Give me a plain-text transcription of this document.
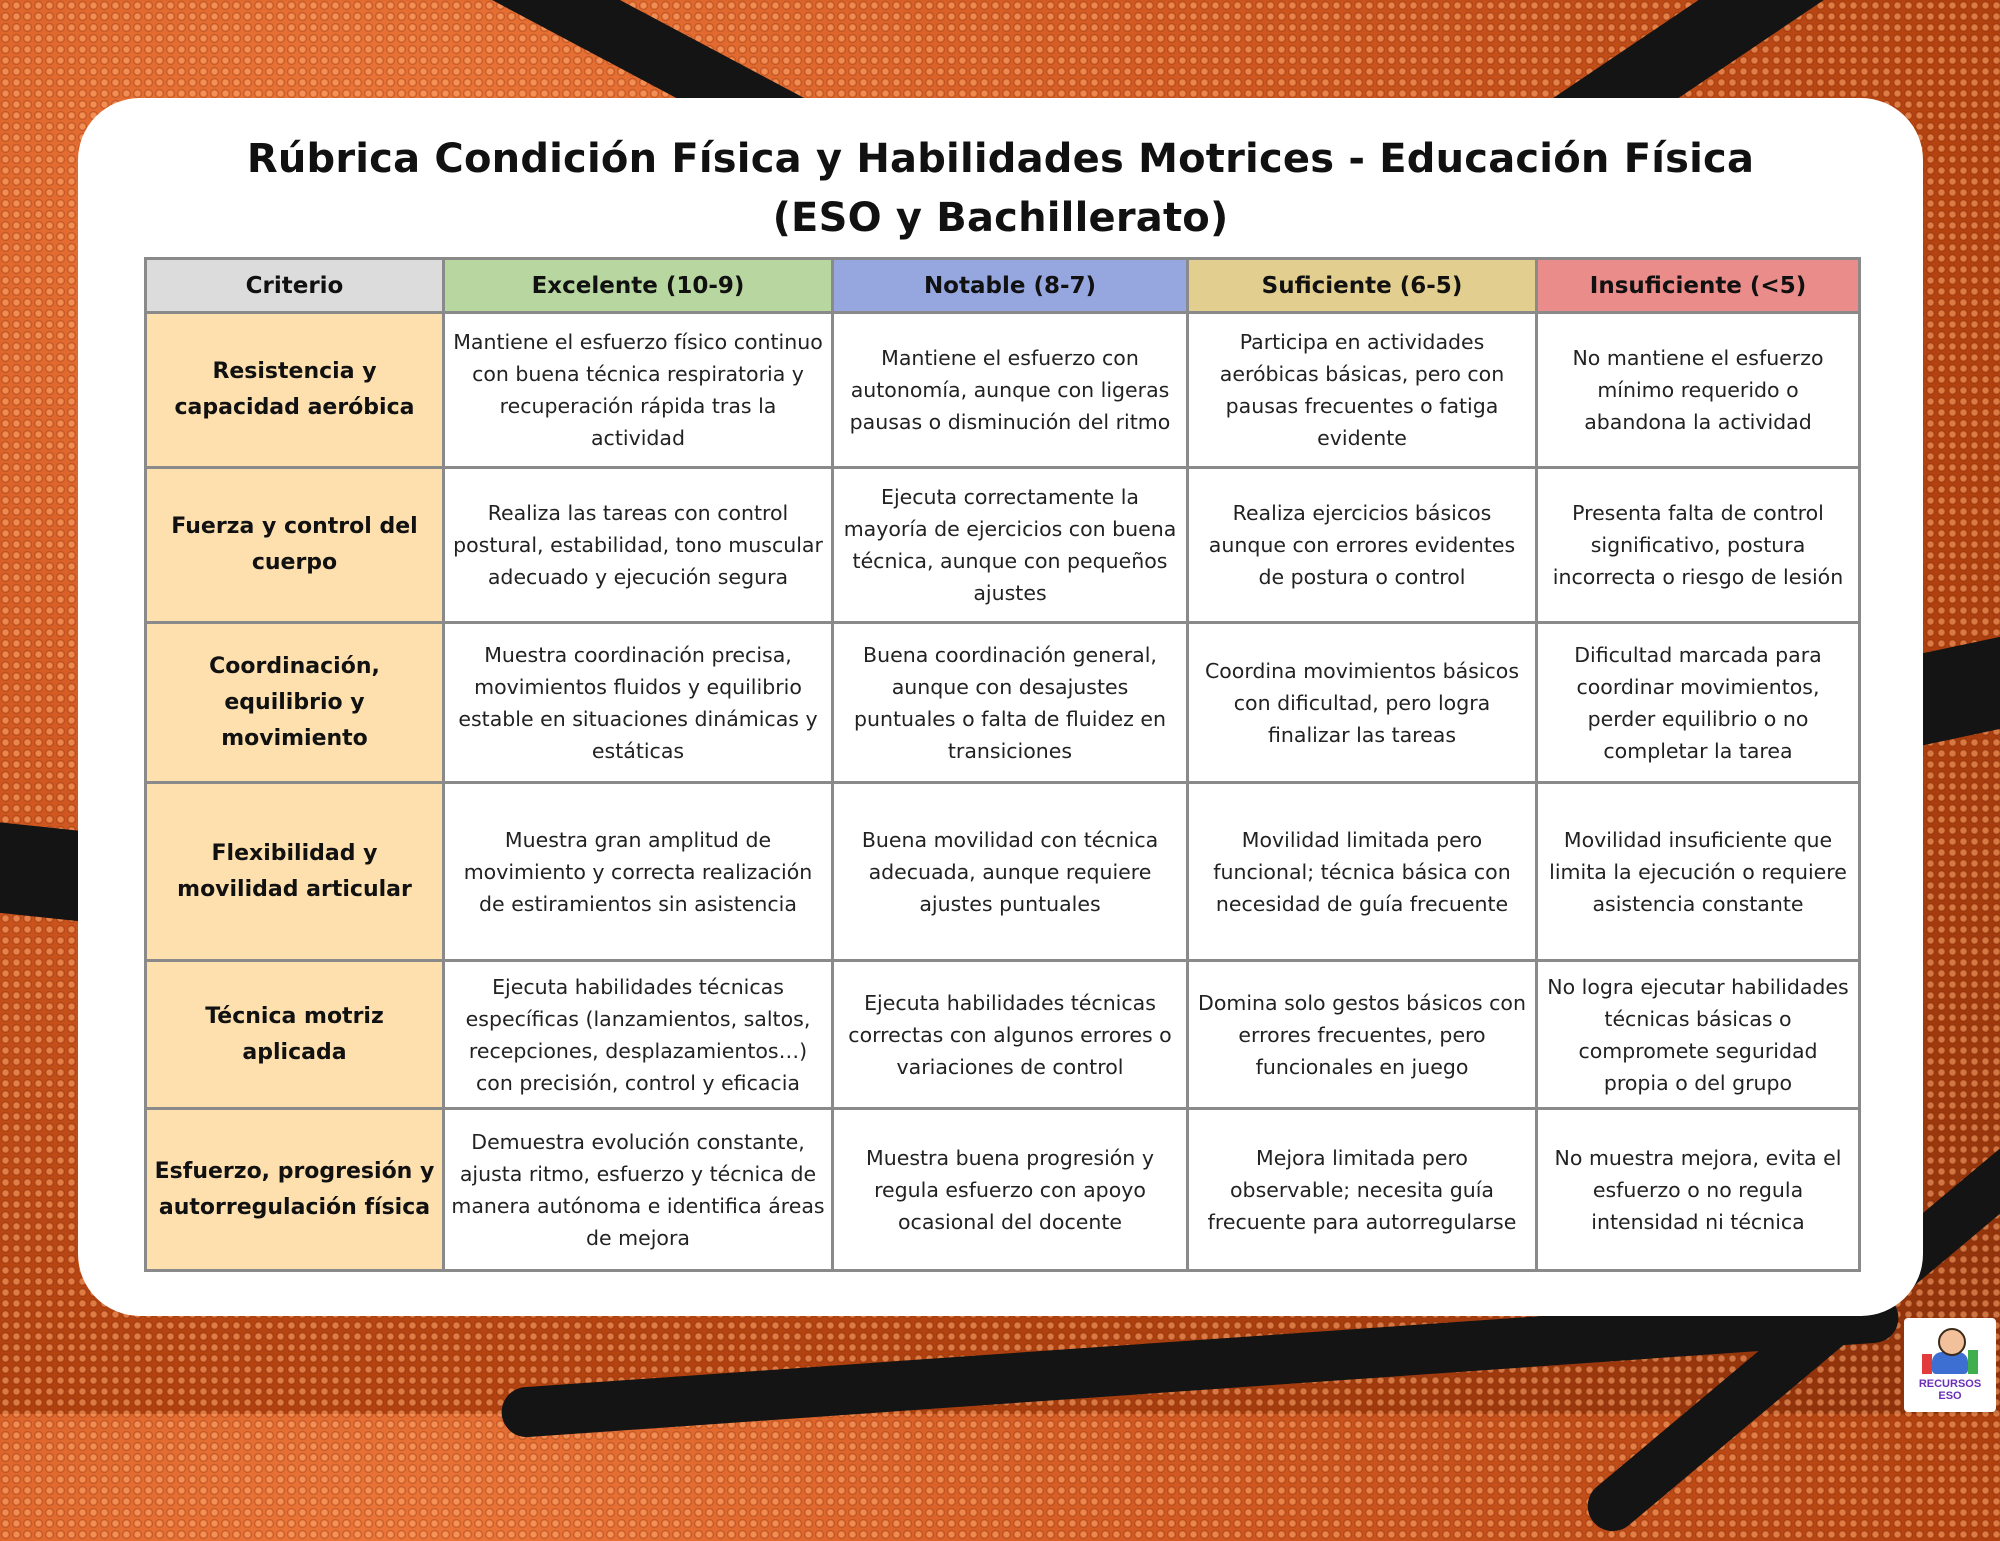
Rúbrica Condición Física y Habilidades Motrices - Educación Física
(ESO y Bachillerato)
Criterio	Excelente (10-9)	Notable (8-7)	Suficiente (6-5)	Insuficiente (<5)
Resistencia y capacidad aeróbica	Mantiene el esfuerzo físico continuo con buena técnica respiratoria y recuperación rápida tras la actividad	Mantiene el esfuerzo con autonomía, aunque con ligeras pausas o disminución del ritmo	Participa en actividades aeróbicas básicas, pero con pausas frecuentes o fatiga evidente	No mantiene el esfuerzo mínimo requerido o abandona la actividad
Fuerza y control del cuerpo	Realiza las tareas con control postural, estabilidad, tono muscular adecuado y ejecución segura	Ejecuta correctamente la mayoría de ejercicios con buena técnica, aunque con pequeños ajustes	Realiza ejercicios básicos aunque con errores evidentes de postura o control	Presenta falta de control significativo, postura incorrecta o riesgo de lesión
Coordinación, equilibrio y movimiento	Muestra coordinación precisa, movimientos fluidos y equilibrio estable en situaciones dinámicas y estáticas	Buena coordinación general, aunque con desajustes puntuales o falta de fluidez en transiciones	Coordina movimientos básicos con dificultad, pero logra finalizar las tareas	Dificultad marcada para coordinar movimientos, perder equilibrio o no completar la tarea
Flexibilidad y movilidad articular	Muestra gran amplitud de movimiento y correcta realización de estiramientos sin asistencia	Buena movilidad con técnica adecuada, aunque requiere ajustes puntuales	Movilidad limitada pero funcional; técnica básica con necesidad de guía frecuente	Movilidad insuficiente que limita la ejecución o requiere asistencia constante
Técnica motriz aplicada	Ejecuta habilidades técnicas específicas (lanzamientos, saltos, recepciones, desplazamientos…) con precisión, control y eficacia	Ejecuta habilidades técnicas correctas con algunos errores o variaciones de control	Domina solo gestos básicos con errores frecuentes, pero funcionales en juego	No logra ejecutar habilidades técnicas básicas o compromete seguridad propia o del grupo
Esfuerzo, progresión y autorregulación física	Demuestra evolución constante, ajusta ritmo, esfuerzo y técnica de manera autónoma e identifica áreas de mejora	Muestra buena progresión y regula esfuerzo con apoyo ocasional del docente	Mejora limitada pero observable; necesita guía frecuente para autorregularse	No muestra mejora, evita el esfuerzo o no regula intensidad ni técnica
RECURSOS
ESO
